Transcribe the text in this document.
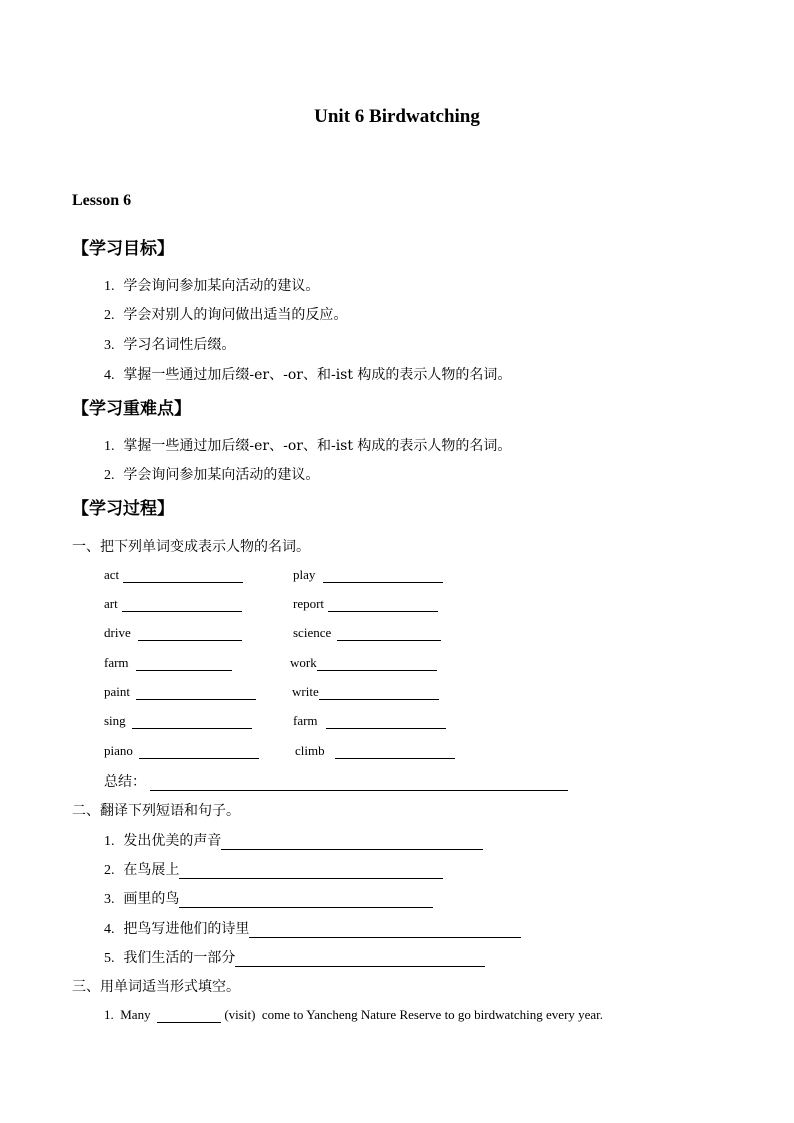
Unit 6 Birdwatching
Lesson 6
【学习目标】
1. 学会询问参加某向活动的建议。
2. 学会对别人的询问做出适当的反应。
3. 学习名词性后缀。
4. 掌握一些通过加后缀-er、-or、和-ist 构成的表示人物的名词。
【学习重难点】
1. 掌握一些通过加后缀-er、-or、和-ist 构成的表示人物的名词。
2. 学会询问参加某向活动的建议。
【学习过程】
一、把下列单词变成表示人物的名词。
act
art
drive
farm
paint
sing
piano
play
report
science
work
write
farm
climb
总结：
二、翻译下列短语和句子。
1.
发出优美的声音
2.
在鸟展上
3.
画里的鸟
4.
把鸟写进他们的诗里
5.
我们生活的一部分
三、用单词适当形式填空。
1.
Many

	(visit)
come to Yancheng Nature Reserve to go birdwatching every year.
